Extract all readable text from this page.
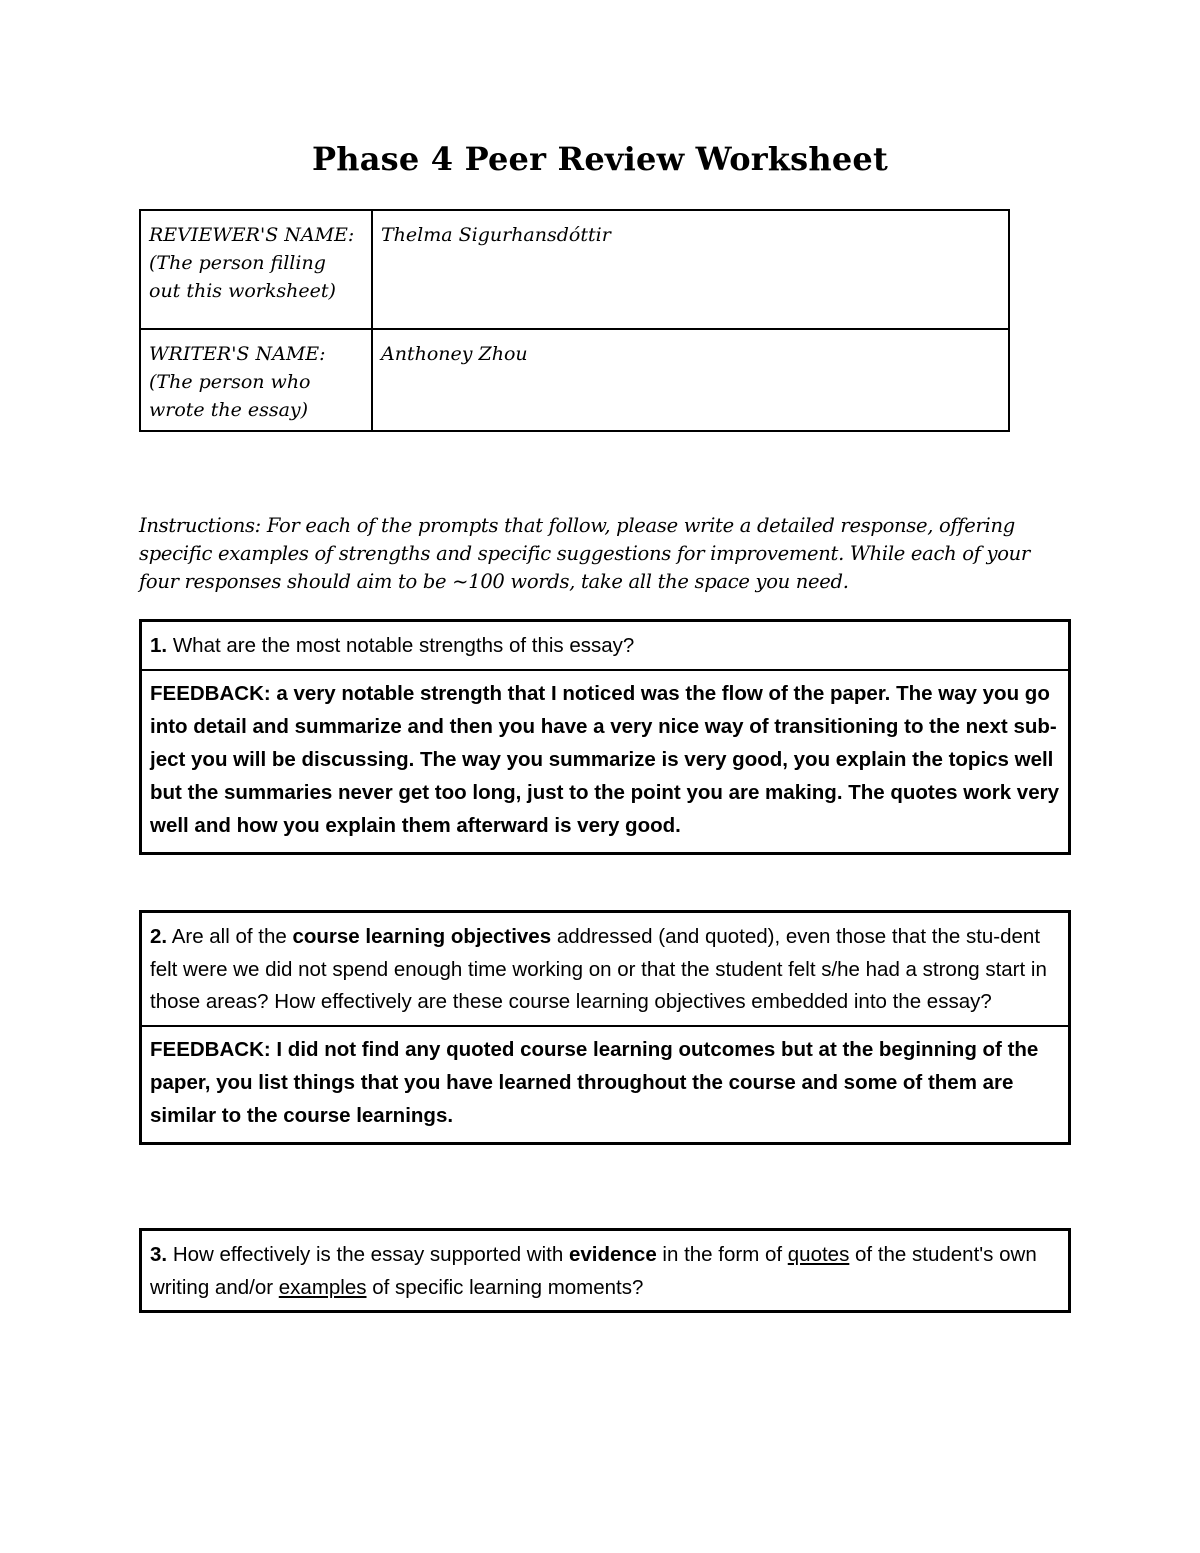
Phase 4 Peer Review Worksheet
REVIEWER'S NAME:
(The person filling out this worksheet)	Thelma Sigurhansdóttir
WRITER'S NAME:
(The person who wrote the essay)	Anthoney Zhou
Instructions: For each of the prompts that follow, please write a detailed response, offering specific examples of strengths and specific suggestions for improvement. While each of your four responses should aim to be ~100 words, take all the space you need.
1. What are the most notable strengths of this essay?
FEEDBACK: a very notable strength that I noticed was the flow of the paper. The way you go into detail and summarize and then you have a very nice way of transitioning to the next sub-ject you will be discussing. The way you summarize is very good, you explain the topics well but the summaries never get too long, just to the point you are making. The quotes work very well and how you explain them afterward is very good.
2. Are all of the course learning objectives addressed (and quoted), even those that the stu-dent felt were we did not spend enough time working on or that the student felt s/he had a strong start in those areas? How effectively are these course learning objectives embedded into the essay?
FEEDBACK: I did not find any quoted course learning outcomes but at the beginning of the paper, you list things that you have learned throughout the course and some of them are similar to the course learnings.
3. How effectively is the essay supported with evidence in the form of quotes of the student's own writing and/or examples of specific learning moments?
